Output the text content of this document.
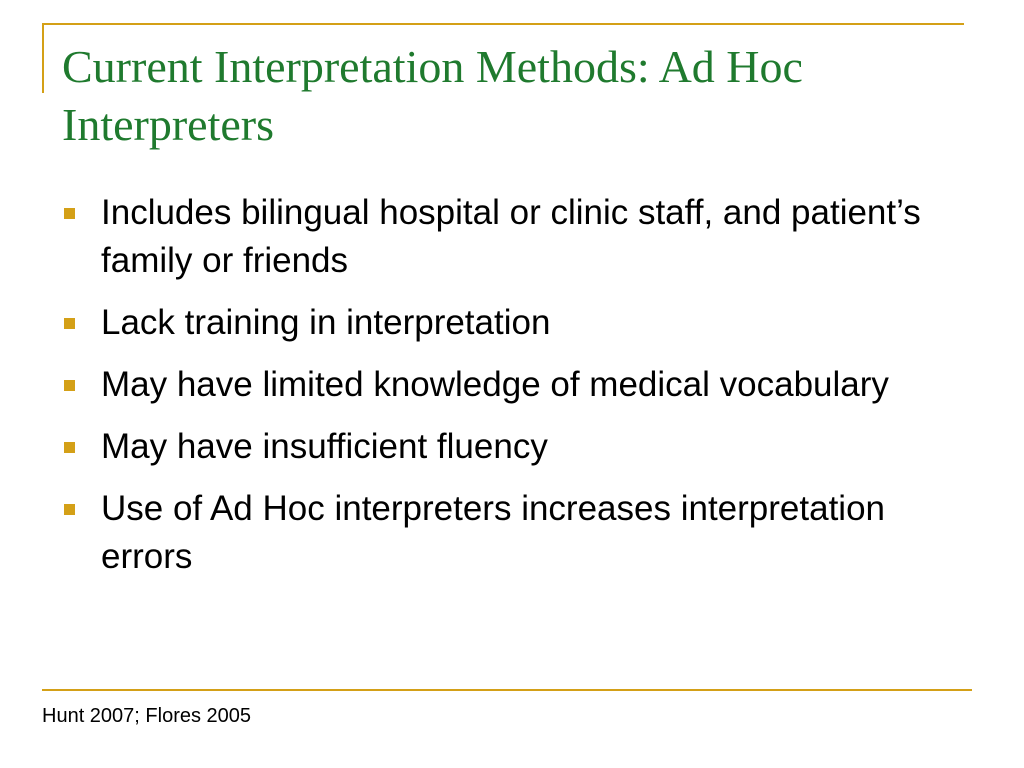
Current Interpretation Methods: Ad Hoc Interpreters
Includes bilingual hospital or clinic staff, and patient’s family or friends
Lack training in interpretation
May have limited knowledge of medical vocabulary
May have insufficient fluency
Use of Ad Hoc interpreters increases interpretation errors
Hunt 2007; Flores 2005
